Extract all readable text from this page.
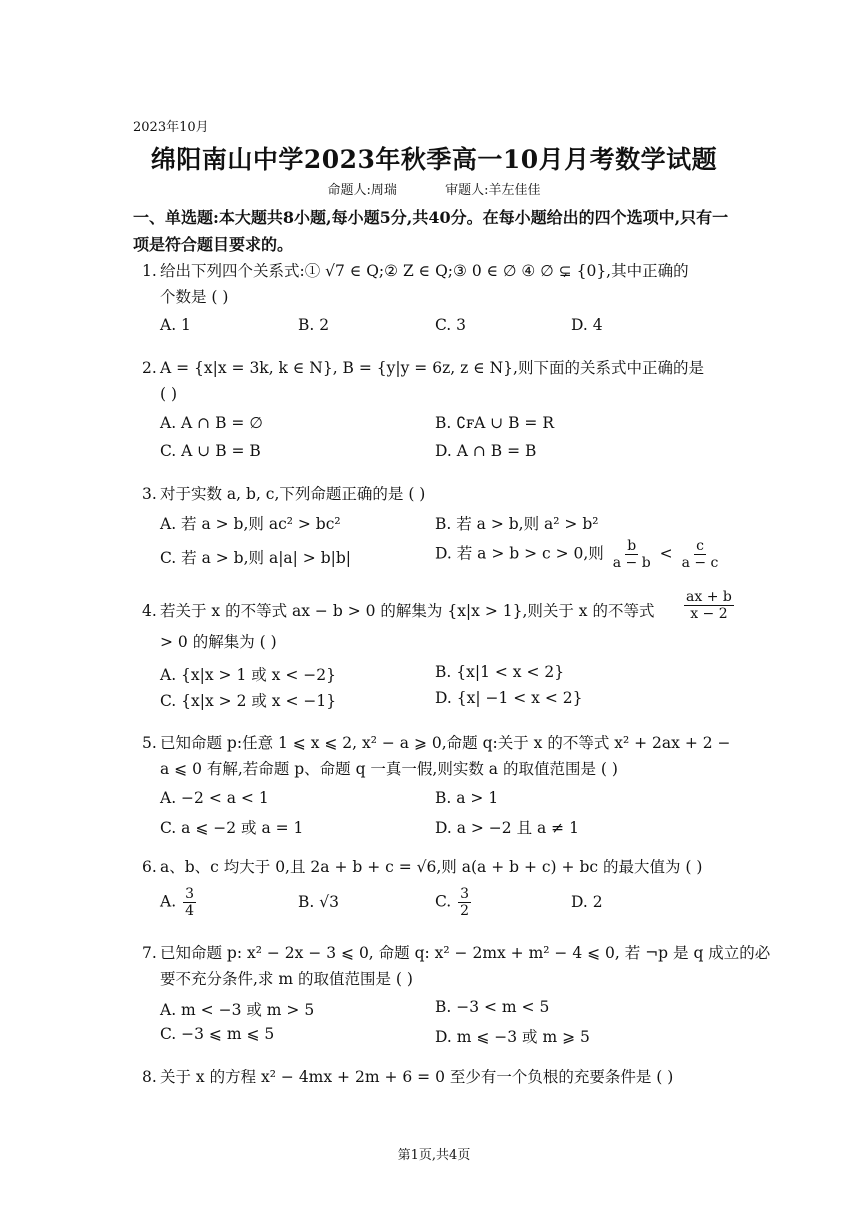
2023年10月
绵阳南山中学2023年秋季高一10月月考数学试题
命题人:周瑞	审题人:羊左佳佳
一、单选题:本大题共8小题,每小题5分,共40分。在每小题给出的四个选项中,只有一项是符合题目要求的。
1. 给出下列四个关系式:① √7 ∈ Q;② Z ∈ Q;③ 0 ∈ ∅ ④ ∅ ⊊ {0},其中正确的
个数是 ( )
A. 1	B. 2	C. 3	D. 4
2. A = {x|x = 3k, k ∈ N}, B = {y|y = 6z, z ∈ N},则下面的关系式中正确的是
( )
A. A ∩ B = ∅	B. ∁ꜰA ∪ B = R
C. A ∪ B = B	D. A ∩ B = B
3. 对于实数 a, b, c,下列命题正确的是 ( )
A. 若 a > b,则 ac² > bc²	B. 若 a > b,则 a² > b²
C. 若 a > b,则 a|a| > b|b|	D. 若 a > b > c > 0,则 $\frac{b}{a - b} < \frac{c}{a - c}$
4. 若关于 x 的不等式 ax − b > 0 的解集为 {x|x > 1},则关于 x 的不等式 $\frac{ax + b}{x - 2}$
> 0 的解集为 ( )
A. {x|x > 1 或 x < −2}	B. {x|1 < x < 2}
C. {x|x > 2 或 x < −1}	D. {x| −1 < x < 2}
5. 已知命题 p:任意 1 ⩽ x ⩽ 2, x² − a ⩾ 0,命题 q:关于 x 的不等式 x² + 2ax + 2 −
a ⩽ 0 有解,若命题 p、命题 q 一真一假,则实数 a 的取值范围是 ( )
A. −2 < a < 1	B. a > 1
C. a ⩽ −2 或 a = 1	D. a > −2 且 a ≠ 1
6. a、b、c 均大于 0,且 2a + b + c = √6,则 a(a + b + c) + bc 的最大值为 ( )
A. $\frac{3}{4}$	B. √3	C. $\frac{3}{2}$	D. 2
7. 已知命题 p: x² − 2x − 3 ⩽ 0, 命题 q: x² − 2mx + m² − 4 ⩽ 0, 若 ¬p 是 q 成立的必
要不充分条件,求 m 的取值范围是 ( )
A. m < −3 或 m > 5	B. −3 < m < 5
C. −3 ⩽ m ⩽ 5	D. m ⩽ −3 或 m ⩾ 5
8. 关于 x 的方程 x² − 4mx + 2m + 6 = 0 至少有一个负根的充要条件是 ( )
第1页,共4页
